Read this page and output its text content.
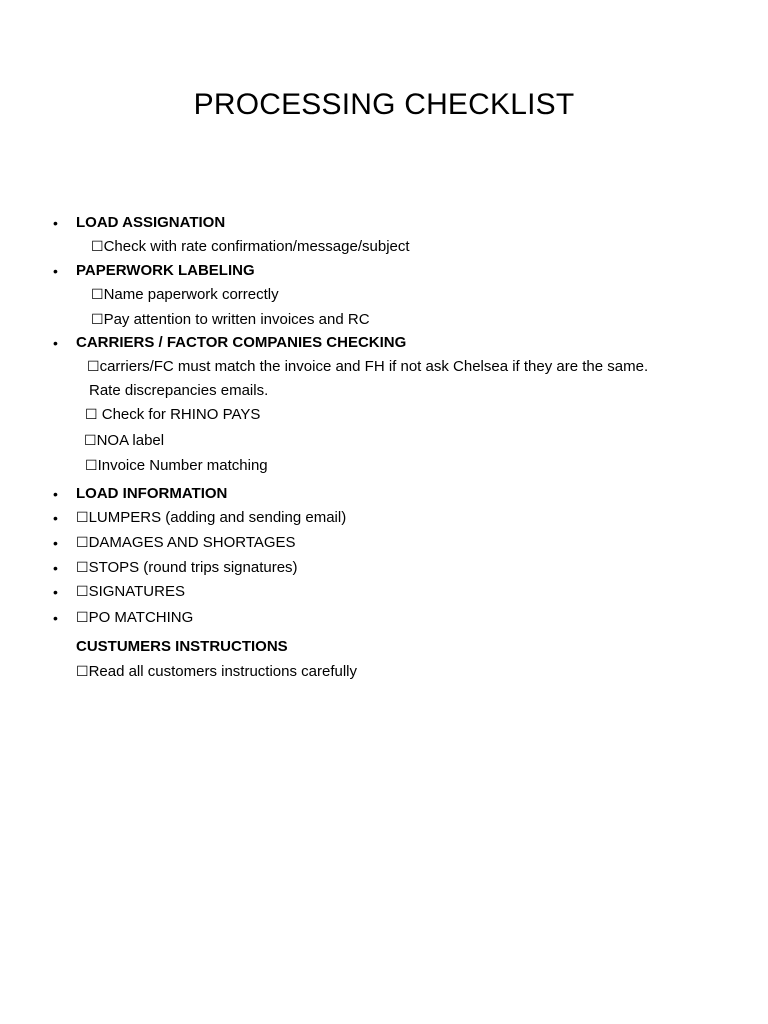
PROCESSING CHECKLIST
• LOAD ASSIGNATION
☐Check with rate confirmation/message/subject
• PAPERWORK LABELING
☐Name paperwork correctly
☐Pay attention to written invoices and RC
• CARRIERS / FACTOR COMPANIES CHECKING
☐carriers/FC must match the invoice and FH if not ask Chelsea if they are the same.
Rate discrepancies emails.
☐ Check for RHINO PAYS
☐NOA label
☐Invoice Number matching
• LOAD INFORMATION
• ☐LUMPERS (adding and sending email)
• ☐DAMAGES AND SHORTAGES
• ☐STOPS (round trips signatures)
• ☐SIGNATURES
• ☐PO MATCHING
CUSTUMERS INSTRUCTIONS
☐Read all customers instructions carefully
